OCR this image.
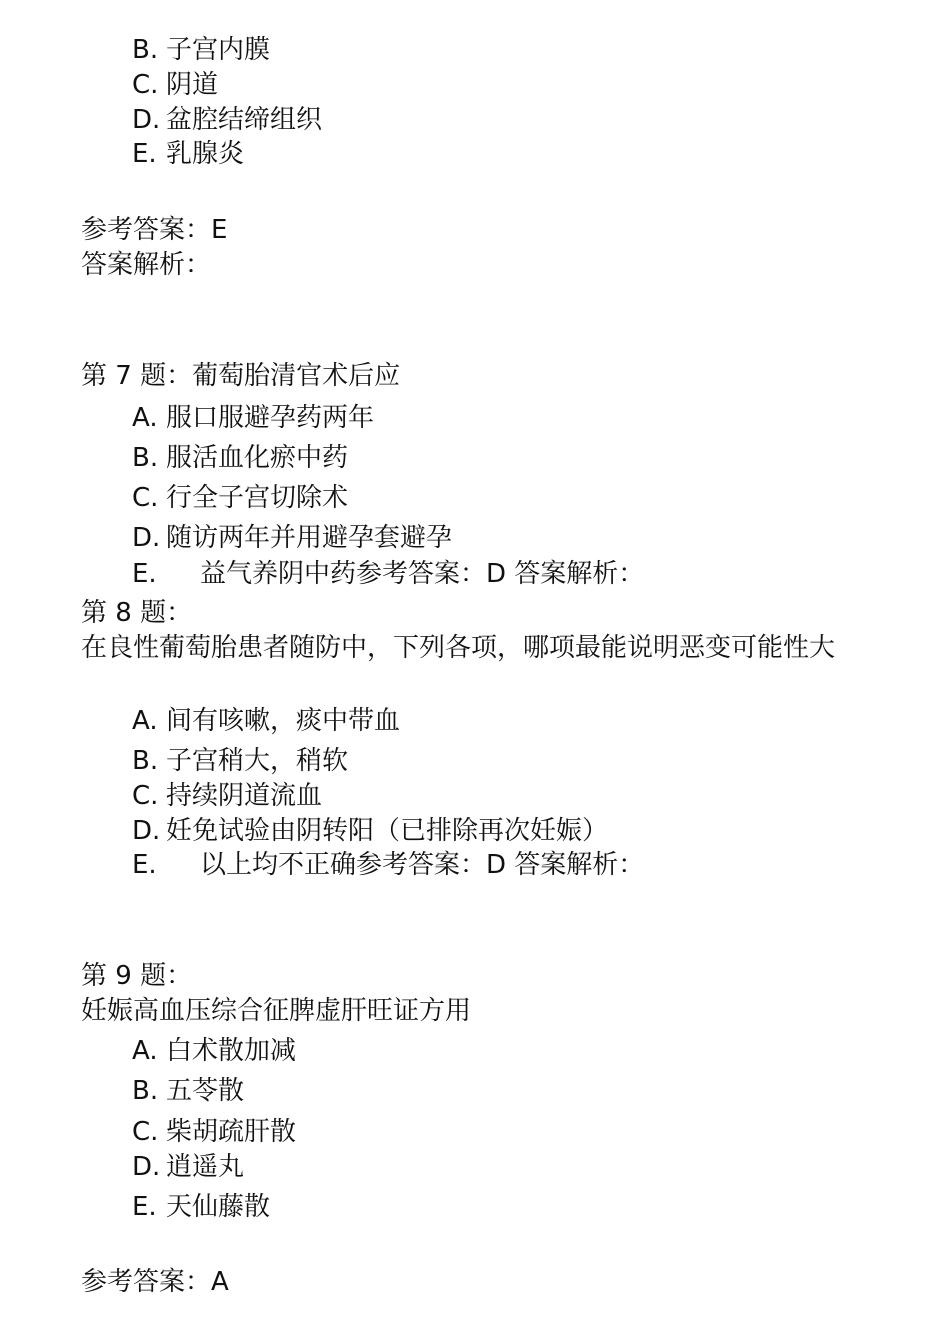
B. 子宫内膜
C. 阴道
D. 盆腔结缔组织
E. 乳腺炎
参考答案：E
答案解析：
第 7 题：葡萄胎清官术后应
A. 服口服避孕药两年
B. 服活血化瘀中药
C. 行全子宫切除术
D. 随访两年并用避孕套避孕
E. 益气养阴中药参考答案：D 答案解析：
第 8 题：
在良性葡萄胎患者随防中，下列各项，哪项最能说明恶变可能性大
A. 间有咳嗽，痰中带血
B. 子宫稍大，稍软
C. 持续阴道流血
D. 妊免试验由阴转阳（已排除再次妊娠）
E. 以上均不正确参考答案：D 答案解析：
第 9 题：
妊娠高血压综合征脾虚肝旺证方用
A. 白术散加减
B. 五苓散
C. 柴胡疏肝散
D. 逍遥丸
E. 天仙藤散
参考答案：A
